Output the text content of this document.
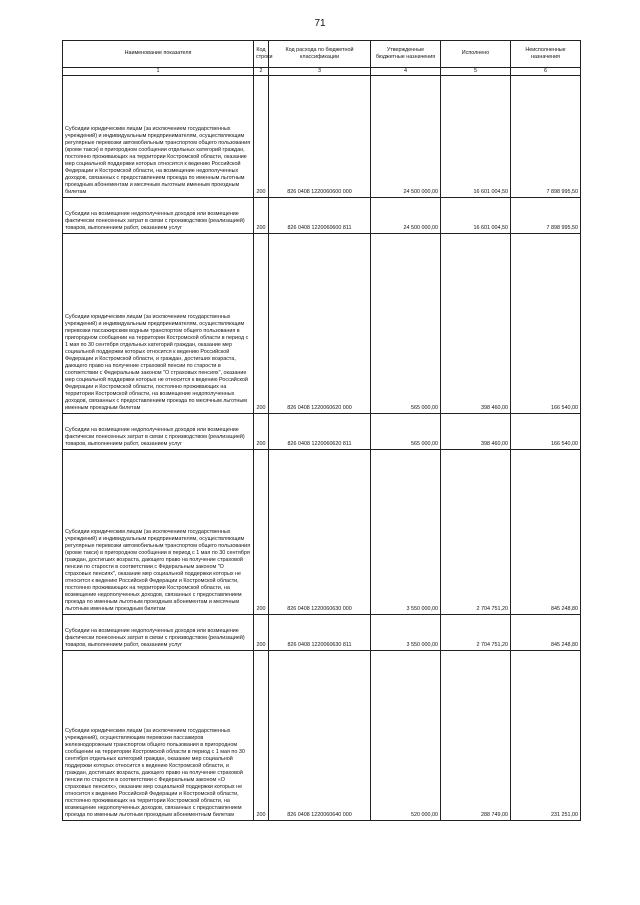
71
Наименование показателя	Код строки	Код расхода по бюджетной классификации	Утвержденные бюджетные назначения	Исполнено	Неисполненные назначения
1	2	3	4	5	6
Субсидии юридическим лицам (за исключением государственных учреждений) и индивидуальным предпринимателям, осуществляющим регулярные перевозки автомобильным транспортом общего пользования (кроме такси) в пригородном сообщении отдельных категорий граждан, постоянно проживающих на территории Костромской области, оказание мер социальной поддержки которых относится к ведению Российской Федерации и Костромской области, на возмещение недополученных доходов, связанных с предоставлением проезда по именным льготным проездным абонементам и месячным льготным именным проездным билетам	200	826 0408 1220060600 000	24 500 000,00	16 601 004,50	7 898 995,50
Субсидии на возмещение недополученных доходов или возмещение фактически понесенных затрат в связи с производством (реализацией) товаров, выполнением работ, оказанием услуг	200	826 0408 1220060600 811	24 500 000,00	16 601 004,50	7 898 995,50
Субсидии юридическим лицам (за исключением государственных учреждений) и индивидуальным предпринимателям, осуществляющим перевозки пассажирским водным транспортом общего пользования в пригородном сообщении на территории Костромской области в период с 1 мая по 30 сентября отдельных категорий граждан, оказание мер социальной поддержки которых относится к ведению Российской Федерации и Костромской области, и граждан, достигших возраста, дающего право на получение страховой пенсии по старости в соответствии с Федеральным законом "О страховых пенсиях", оказание мер социальной поддержки которых не относится к ведению Российской Федерации и Костромской области, постоянно проживающих на территории Костромской области, на возмещение недополученных доходов, связанных с предоставлением проезда по месячным льготным именным проездным билетам	200	826 0408 1220060620 000	565 000,00	398 460,00	166 540,00
Субсидии на возмещение недополученных доходов или возмещение фактически понесенных затрат в связи с производством (реализацией) товаров, выполнением работ, оказанием услуг	200	826 0408 1220060620 811	565 000,00	398 460,00	166 540,00
Субсидии юридическим лицам (за исключением государственных учреждений) и индивидуальным предпринимателям, осуществляющим регулярные перевозки автомобильным транспортом общего пользования (кроме такси) в пригородном сообщении в период с 1 мая по 30 сентября граждан, достигших возраста, дающего право на получение страховой пенсии по старости в соответствии с Федеральным законом "О страховых пенсиях", оказание мер социальной поддержки которых не относится к ведению Российской Федерации и Костромской области, постоянно проживающих на территории Костромской области, на возмещение недополученных доходов, связанных с предоставлением проезда по именным льготным проездным абонементам и месячным льготным именным проездным билетам	200	826 0408 1220060630 000	3 550 000,00	2 704 751,20	845 248,80
Субсидии на возмещение недополученных доходов или возмещение фактически понесенных затрат в связи с производством (реализацией) товаров, выполнением работ, оказанием услуг	200	826 0408 1220060630 811	3 550 000,00	2 704 751,20	845 248,80
Субсидии юридическим лицам (за исключением государственных учреждений), осуществляющим перевозки пассажиров железнодорожным транспортом общего пользования в пригородном сообщении на территории Костромской области в период с 1 мая по 30 сентября отдельных категорий граждан, оказание мер социальной поддержки которых относится к ведению Костромской области, и граждан, достигших возраста, дающего право на получение страховой пенсии по старости в соответствии с Федеральным законом «О страховых пенсиях», оказание мер социальной поддержки которых не относится к ведению Российской Федерации и Костромской области, постоянно проживающих на территории Костромской области, на возмещение недополученных доходов, связанных с предоставлением проезда по именным льготным проездным абонементным билетам	200	826 0408 1220060640 000	520 000,00	288 749,00	231 251,00
